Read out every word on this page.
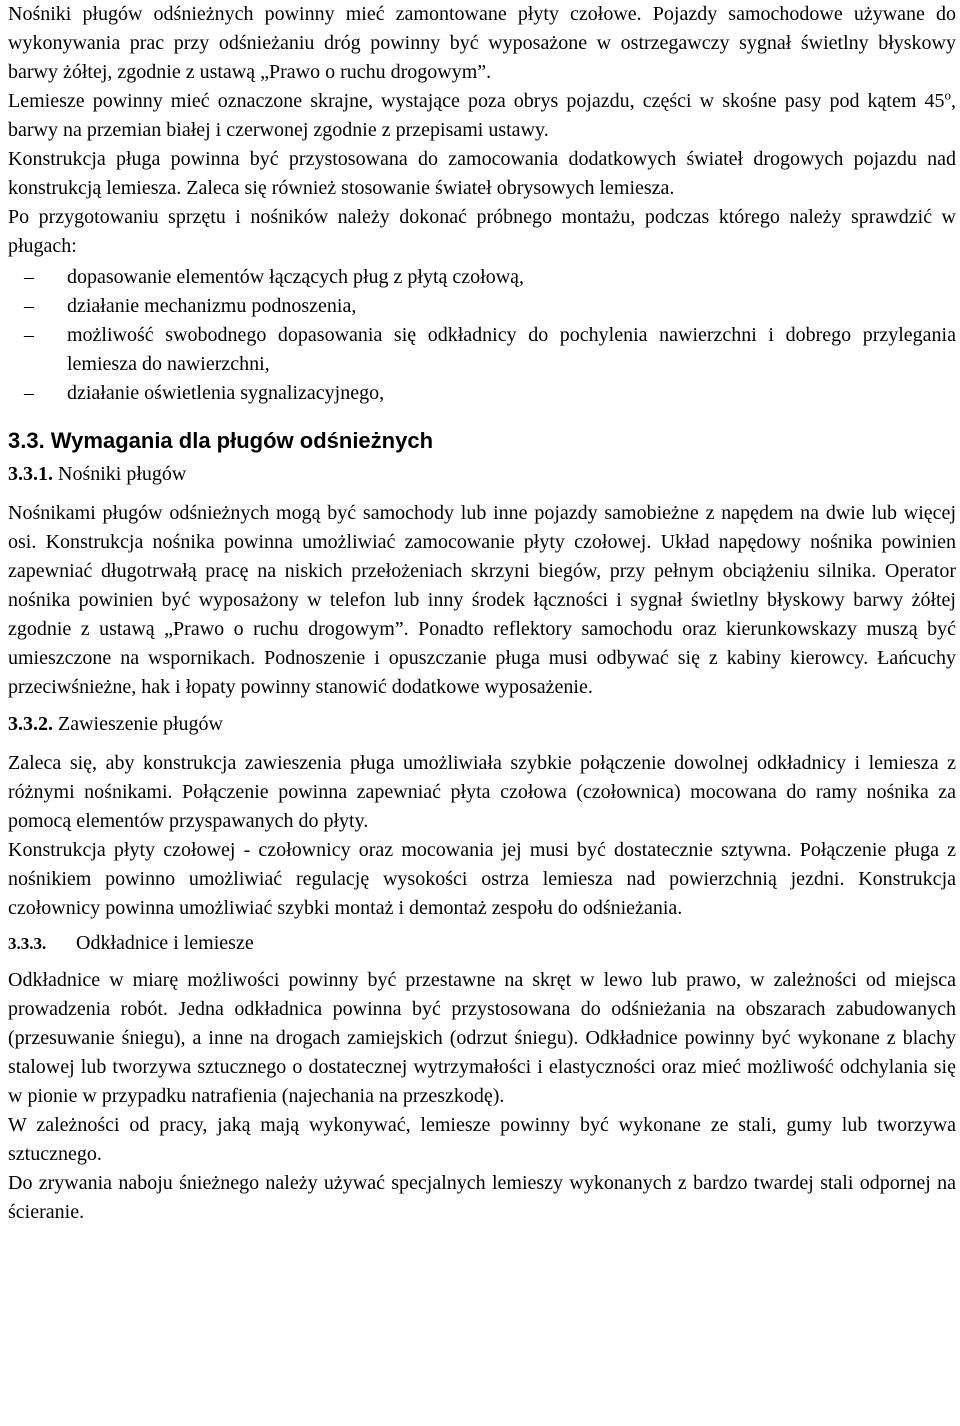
Nośniki pługów odśnieżnych powinny mieć zamontowane płyty czołowe. Pojazdy samochodowe używane do wykonywania prac przy odśnieżaniu dróg powinny być wyposażone w ostrzegawczy sygnał świetlny błyskowy barwy żółtej, zgodnie z ustawą „Prawo o ruchu drogowym”.

Lemiesze powinny mieć oznaczone skrajne, wystające poza obrys pojazdu, części w skośne pasy pod kątem 45$^o$, barwy na przemian białej i czerwonej zgodnie z przepisami ustawy.

Konstrukcja pługa powinna być przystosowana do zamocowania dodatkowych świateł drogowych pojazdu nad konstrukcją lemiesza. Zaleca się również stosowanie świateł obrysowych lemiesza.

Po przygotowaniu sprzętu i nośników należy dokonać próbnego montażu, podczas którego należy sprawdzić w pługach:

– dopasowanie elementów łączących pług z płytą czołową,
– działanie mechanizmu podnoszenia,
– możliwość swobodnego dopasowania się odkładnicy do pochylenia nawierzchni i dobrego przylegania lemiesza do nawierzchni,
– działanie oświetlenia sygnalizacyjnego,
3.3. Wymagania dla pługów odśnieżnych
3.3.1. Nośniki pługów

Nośnikami pługów odśnieżnych mogą być samochody lub inne pojazdy samobieżne z napędem na dwie lub więcej osi. Konstrukcja nośnika powinna umożliwiać zamocowanie płyty czołowej. Układ napędowy nośnika powinien zapewniać długotrwałą pracę na niskich przełożeniach skrzyni biegów, przy pełnym obciążeniu silnika. Operator nośnika powinien być wyposażony w telefon lub inny środek łączności i sygnał świetlny błyskowy barwy żółtej zgodnie z ustawą „Prawo o ruchu drogowym”. Ponadto reflektory samochodu oraz kierunkowskazy muszą być umieszczone na wspornikach. Podnoszenie i opuszczanie pługa musi odbywać się z kabiny kierowcy. Łańcuchy przeciwśnieżne, hak i łopaty powinny stanowić dodatkowe wyposażenie.

3.3.2. Zawieszenie pługów

Zaleca się, aby konstrukcja zawieszenia pługa umożliwiała szybkie połączenie dowolnej odkładnicy i lemiesza z różnymi nośnikami. Połączenie powinna zapewniać płyta czołowa (czołownica) mocowana do ramy nośnika za pomocą elementów przyspawanych do płyty.

Konstrukcja płyty czołowej - czołownicy oraz mocowania jej musi być dostatecznie sztywna. Połączenie pługa z nośnikiem powinno umożliwiać regulację wysokości ostrza lemiesza nad powierzchnią jezdni. Konstrukcja czołownicy powinna umożliwiać szybki montaż i demontaż zespołu do odśnieżania.

3.3.3. Odkładnice i lemiesze

Odkładnice w miarę możliwości powinny być przestawne na skręt w lewo lub prawo, w zależności od miejsca prowadzenia robót. Jedna odkładnica powinna być przystosowana do odśnieżania na obszarach zabudowanych (przesuwanie śniegu), a inne na drogach zamiejskich (odrzut śniegu). Odkładnice powinny być wykonane z blachy stalowej lub tworzywa sztucznego o dostatecznej wytrzymałości i elastyczności oraz mieć możliwość odchylania się w pionie w przypadku natrafienia (najechania na przeszkodę).

W zależności od pracy, jaką mają wykonywać, lemiesze powinny być wykonane ze stali, gumy lub tworzywa sztucznego.

Do zrywania naboju śnieżnego należy używać specjalnych lemieszy wykonanych z bardzo twardej stali odpornej na ścieranie.
